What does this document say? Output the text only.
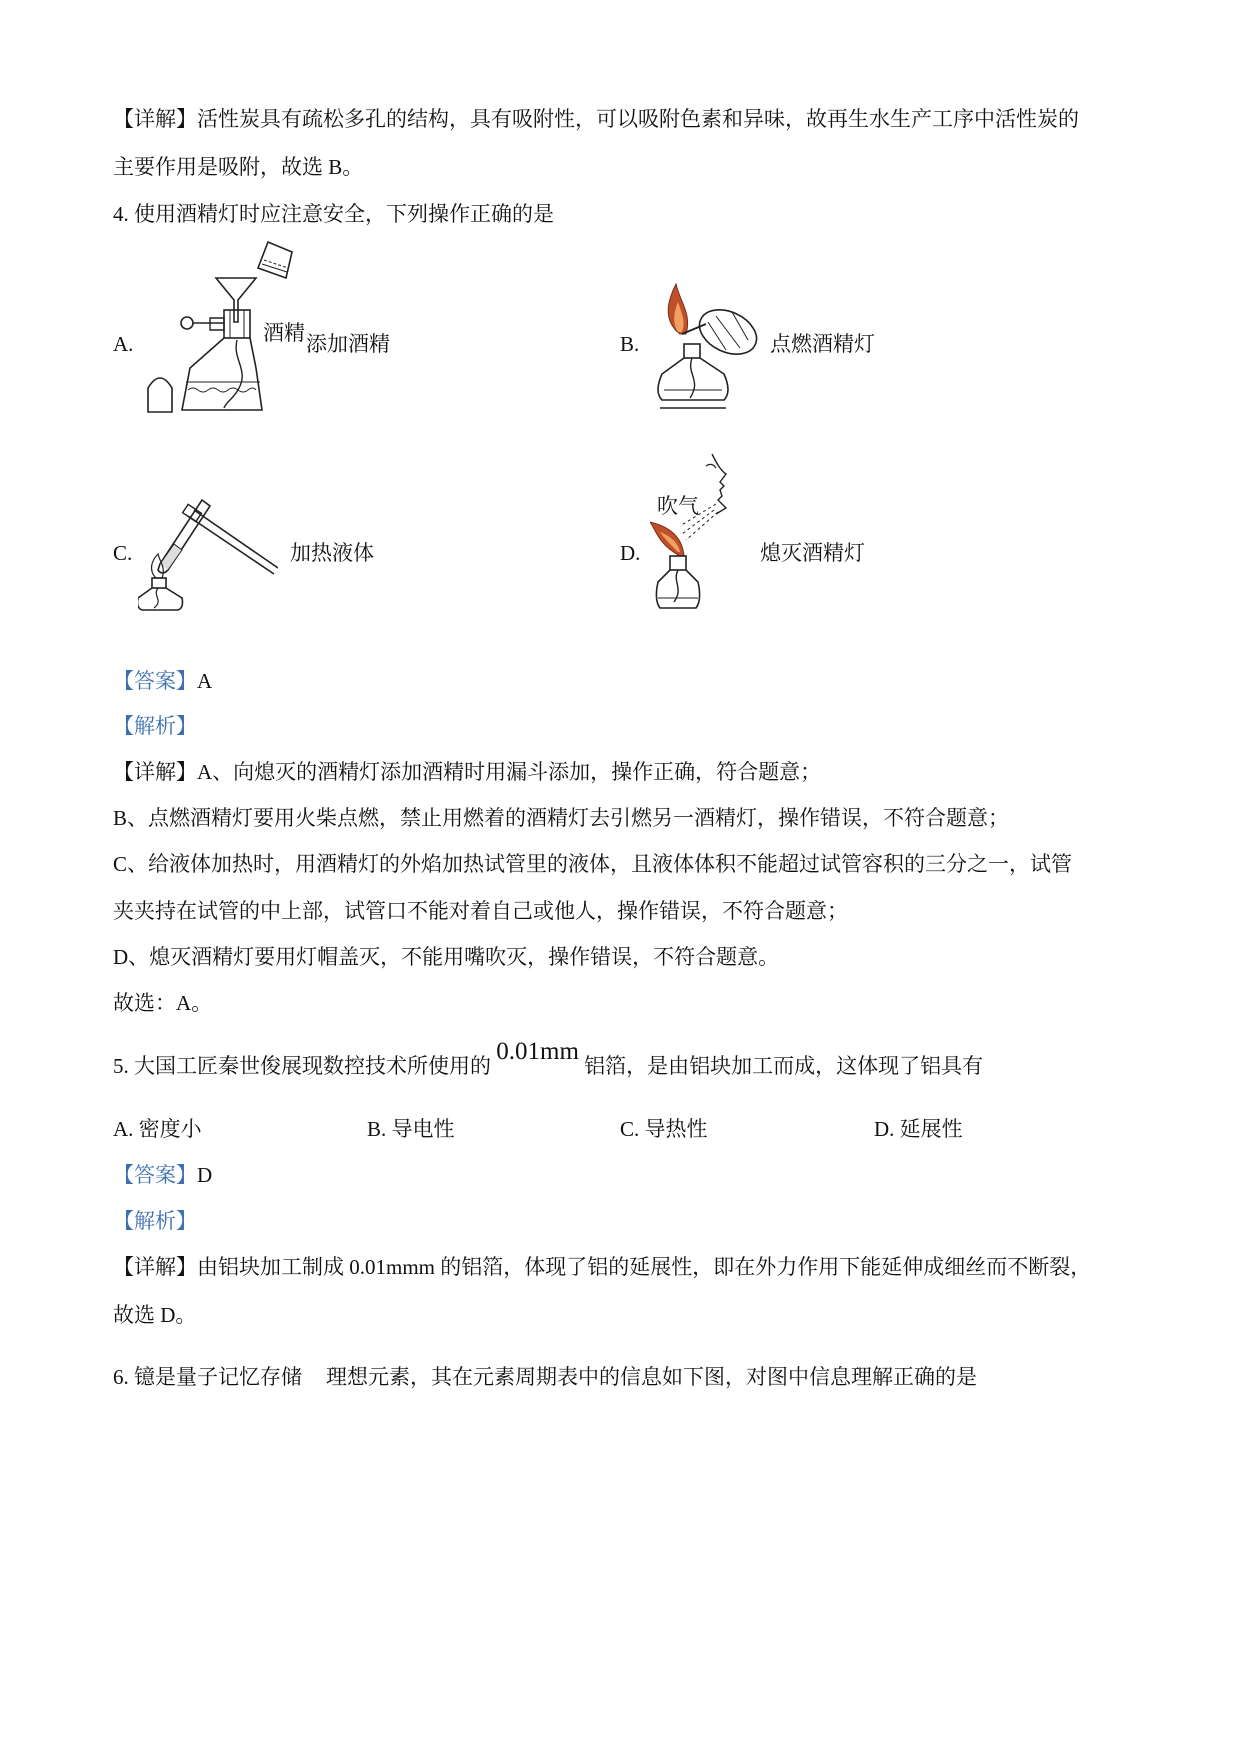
【详解】活性炭具有疏松多孔的结构，具有吸附性，可以吸附色素和异味，故再生水生产工序中活性炭的
主要作用是吸附，故选 B。
4. 使用酒精灯时应注意安全，下列操作正确的是
A.	酒精 添加酒精	B.	点燃酒精灯
C.	加热液体	D.
吹气
熄灭酒精灯
【答案】A
【解析】
【详解】A、向熄灭的酒精灯添加酒精时用漏斗添加，操作正确，符合题意；
B、点燃酒精灯要用火柴点燃，禁止用燃着的酒精灯去引燃另一酒精灯，操作错误，不符合题意；
C、给液体加热时，用酒精灯的外焰加热试管里的液体，且液体体积不能超过试管容积的三分之一，试管
夹夹持在试管的中上部，试管口不能对着自己或他人，操作错误，不符合题意；
D、熄灭酒精灯要用灯帽盖灭，不能用嘴吹灭，操作错误，不符合题意。
故选：A。
5. 大国工匠秦世俊展现数控技术所使用的 0.01mm 铝箔，是由铝块加工而成，这体现了铝具有
A. 密度小	B. 导电性	C. 导热性	D. 延展性
【答案】D
【解析】
【详解】由铝块加工制成 0.01mmm 的铝箔，体现了铝的延展性，即在外力作用下能延伸成细丝而不断裂，
故选 D。
6. 镱是量子记忆存储 理想元素，其在元素周期表中的信息如下图，对图中信息理解正确的是
